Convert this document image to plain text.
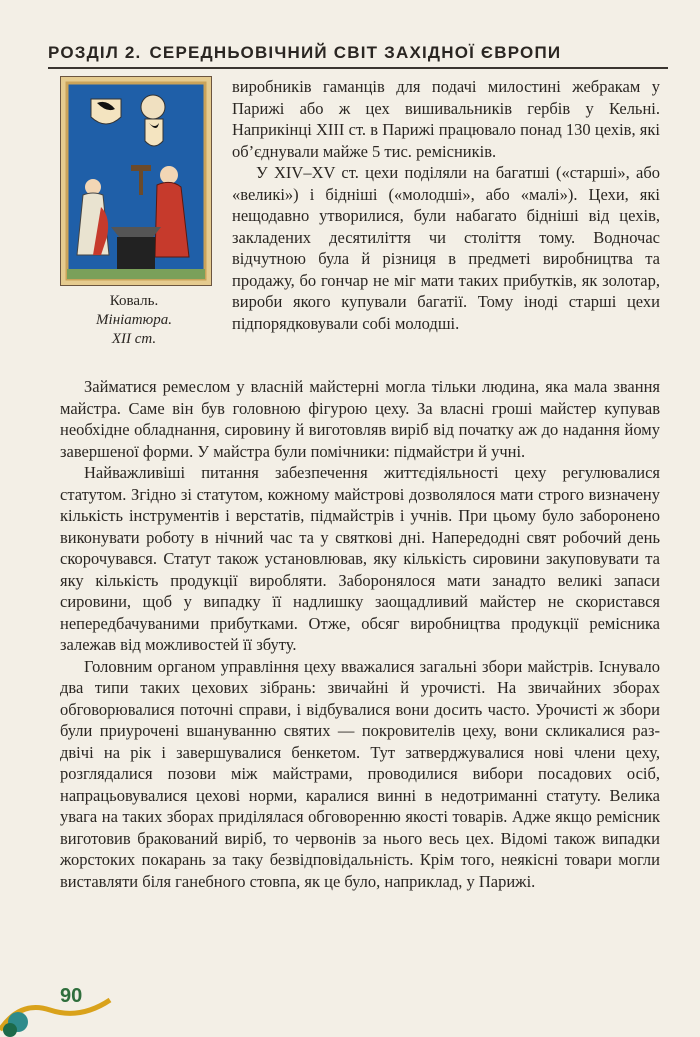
РОЗДІЛ 2. СЕРЕДНЬОВІЧНИЙ СВІТ ЗАХІДНОЇ ЄВРОПИ
Коваль.
Мініатюра.
XII ст.

виробників гаманців для подачі милостині жебракам у Парижі або ж цех вишивальників гербів у Кельні. Наприкінці XIII ст. в Парижі працювало понад 130 цехів, які об’єднували майже 5 тис. ремісників.

У XIV–XV ст. цехи поділяли на багатші («старші», або «великі») і бідніші («молодші», або «малі»). Цехи, які нещодавно утворилися, були набагато біднішi від цехів, закладених десятиліття чи століття тому. Водночас відчутною була й різниця в предметі виробництва та продажу, бо гончар не міг мати таких прибутків, як золотар, вироби якого купували багатії. Тому іноді старші цехи підпорядковували собі молодші.

Займатися ремеслом у власній майстерні могла тільки людина, яка мала звання майстра. Саме він був головною фігурою цеху. За власні гроші майстер купував необхідне обладнання, сировину й виготовляв виріб від початку аж до надання йому завершеної форми. У майстра були помічники: підмайстри й учні.

Найважливіші питання забезпечення життєдіяльності цеху регулювалися статутом. Згідно зі статутом, кожному майстрові дозволялося мати строго визначену кількість інструментів і верстатів, підмайстрів і учнів. При цьому було заборонено виконувати роботу в нічний час та у святкові дні. Напередодні свят робочий день скорочувався. Статут також установлював, яку кількість сировини закуповувати та яку кількість продукції виробляти. Заборонялося мати занадто великі запаси сировини, щоб у випадку її надлишку заощадливий майстер не скористався непередбачуваними прибутками. Отже, обсяг виробництва продукції ремісника залежав від можливостей її збуту.

Головним органом управління цеху вважалися загальні збори майстрів. Існувало два типи таких цехових зібрань: звичайні й урочисті. На звичайних зборах обговорювалися поточні справи, і відбувалися вони досить часто. Урочисті ж збори були приурочені вшануванню святих — покровителів цеху, вони скликалися раз-двічі на рік і завершувалися бенкетом. Тут затверджувалися нові члени цеху, розглядалися позови між майстрами, проводилися вибори посадових осіб, напрацьовувалися цехові норми, каралися винні в недотриманні статуту. Велика увага на таких зборах приділялася обговоренню якості товарів. Адже якщо ремісник виготовив бракований виріб, то червонів за нього весь цех. Відомі також випадки жорстоких покарань за таку безвідповідальність. Крім того, неякісні товари могли виставляти біля ганебного стовпа, як це було, наприклад, у Парижі.

90
